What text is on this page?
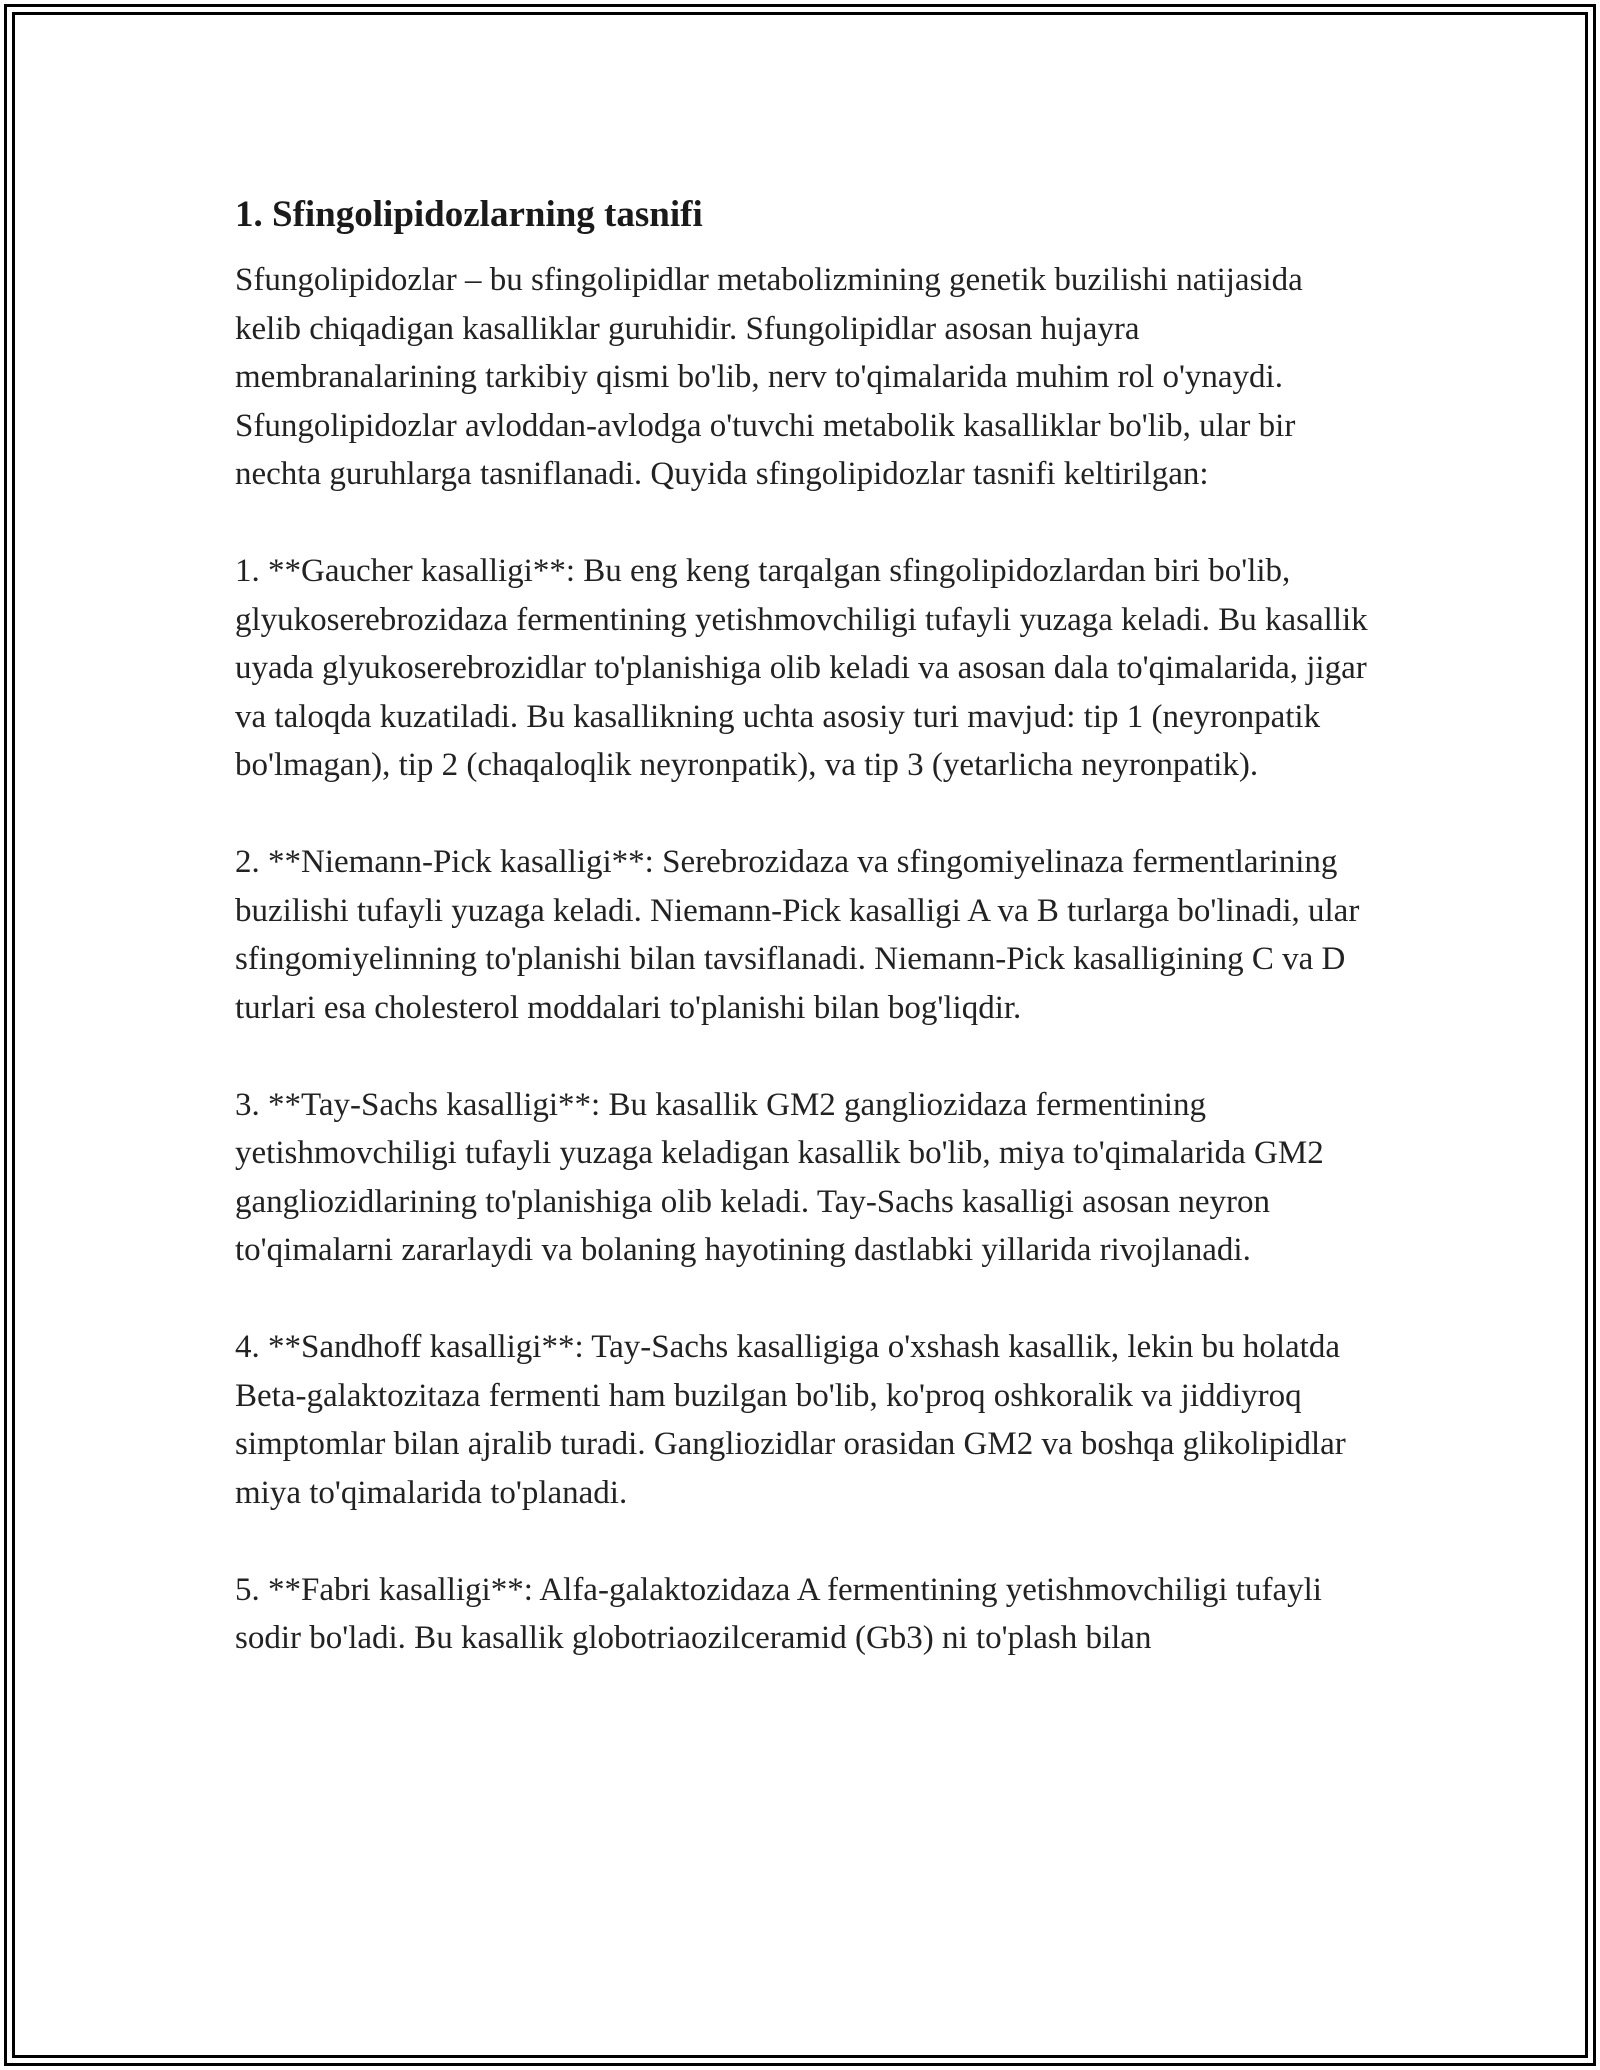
1. Sfingolipidozlarning tasnifi

Sfungolipidozlar – bu sfingolipidlar metabolizmining genetik buzilishi natijasida kelib chiqadigan kasalliklar guruhidir. Sfungolipidlar asosan hujayra membranalarining tarkibiy qismi bo'lib, nerv to'qimalarida muhim rol o'ynaydi. Sfungolipidozlar avloddan-avlodga o'tuvchi metabolik kasalliklar bo'lib, ular bir nechta guruhlarga tasniflanadi. Quyida sfingolipidozlar tasnifi keltirilgan:

1. **Gaucher kasalligi**: Bu eng keng tarqalgan sfingolipidozlardan biri bo'lib, glyukoserebrozidaza fermentining yetishmovchiligi tufayli yuzaga keladi. Bu kasallik uyada glyukoserebrozidlar to'planishiga olib keladi va asosan dala to'qimalarida, jigar va taloqda kuzatiladi. Bu kasallikning uchta asosiy turi mavjud: tip 1 (neyronpatik bo'lmagan), tip 2 (chaqaloqlik neyronpatik), va tip 3 (yetarlicha neyronpatik).

2. **Niemann-Pick kasalligi**: Serebrozidaza va sfingomiyelinaza fermentlarining buzilishi tufayli yuzaga keladi. Niemann-Pick kasalligi A va B turlarga bo'linadi, ular sfingomiyelinning to'planishi bilan tavsiflanadi. Niemann-Pick kasalligining C va D turlari esa cholesterol moddalari to'planishi bilan bog'liqdir.

3. **Tay-Sachs kasalligi**: Bu kasallik GM2 gangliozidaza fermentining yetishmovchiligi tufayli yuzaga keladigan kasallik bo'lib, miya to'qimalarida GM2 gangliozidlarining to'planishiga olib keladi. Tay-Sachs kasalligi asosan neyron to'qimalarni zararlaydi va bolaning hayotining dastlabki yillarida rivojlanadi.

4. **Sandhoff kasalligi**: Tay-Sachs kasalligiga o'xshash kasallik, lekin bu holatda Beta-galaktozitaza fermenti ham buzilgan bo'lib, ko'proq oshkoralik va jiddiyroq simptomlar bilan ajralib turadi. Gangliozidlar orasidan GM2 va boshqa glikolipidlar miya to'qimalarida to'planadi.

5. **Fabri kasalligi**: Alfa-galaktozidaza A fermentining yetishmovchiligi tufayli sodir bo'ladi. Bu kasallik globotriaozilceramid (Gb3) ni to'plash bilan
